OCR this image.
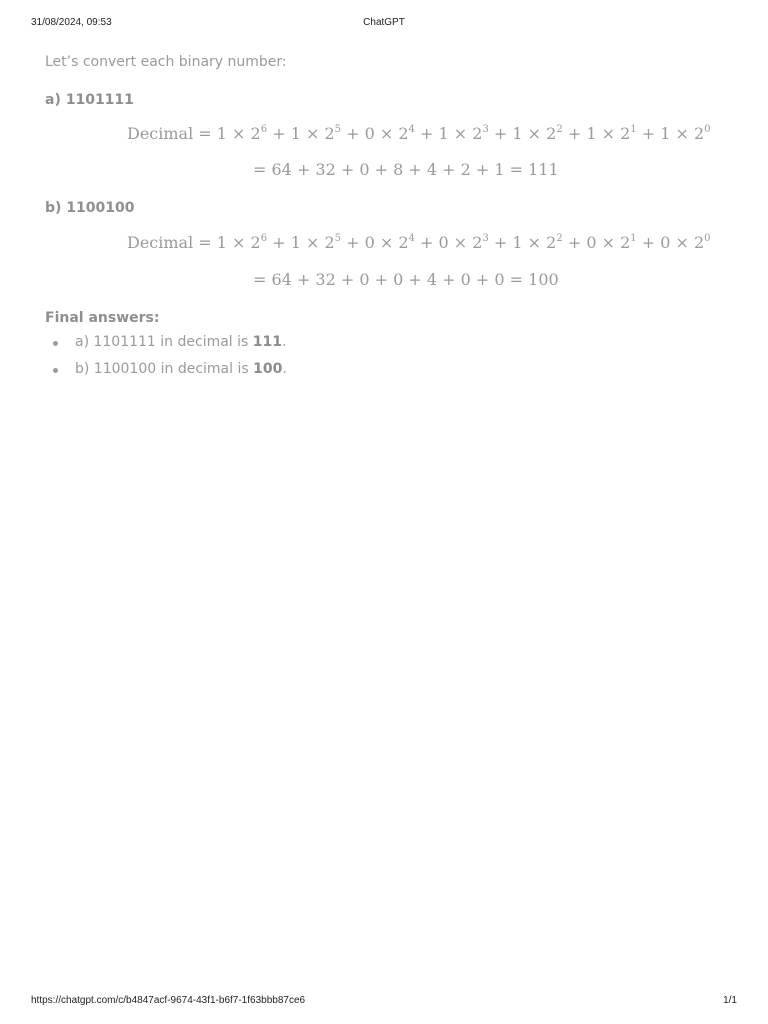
31/08/2024, 09:53	ChatGPT
Let’s convert each binary number:
a) 1101111
Decimal = $1 \times 2^6 + 1 \times 2^5 + 0 \times 2^4 + 1 \times 2^3 + 1 \times 2^2 + 1 \times 2^1 + 1 \times 2^0$
= 64 + 32 + 0 + 8 + 4 + 2 + 1 = 111
b) 1100100
Decimal = $1 \times 2^6 + 1 \times 2^5 + 0 \times 2^4 + 0 \times 2^3 + 1 \times 2^2 + 0 \times 2^1 + 0 \times 2^0$
= 64 + 32 + 0 + 0 + 4 + 0 + 0 = 100
Final answers:
a) 1101111 in decimal is 111.
b) 1100100 in decimal is 100.
https://chatgpt.com/c/b4847acf-9674-43f1-b6f7-1f63bbb87ce6	1/1
